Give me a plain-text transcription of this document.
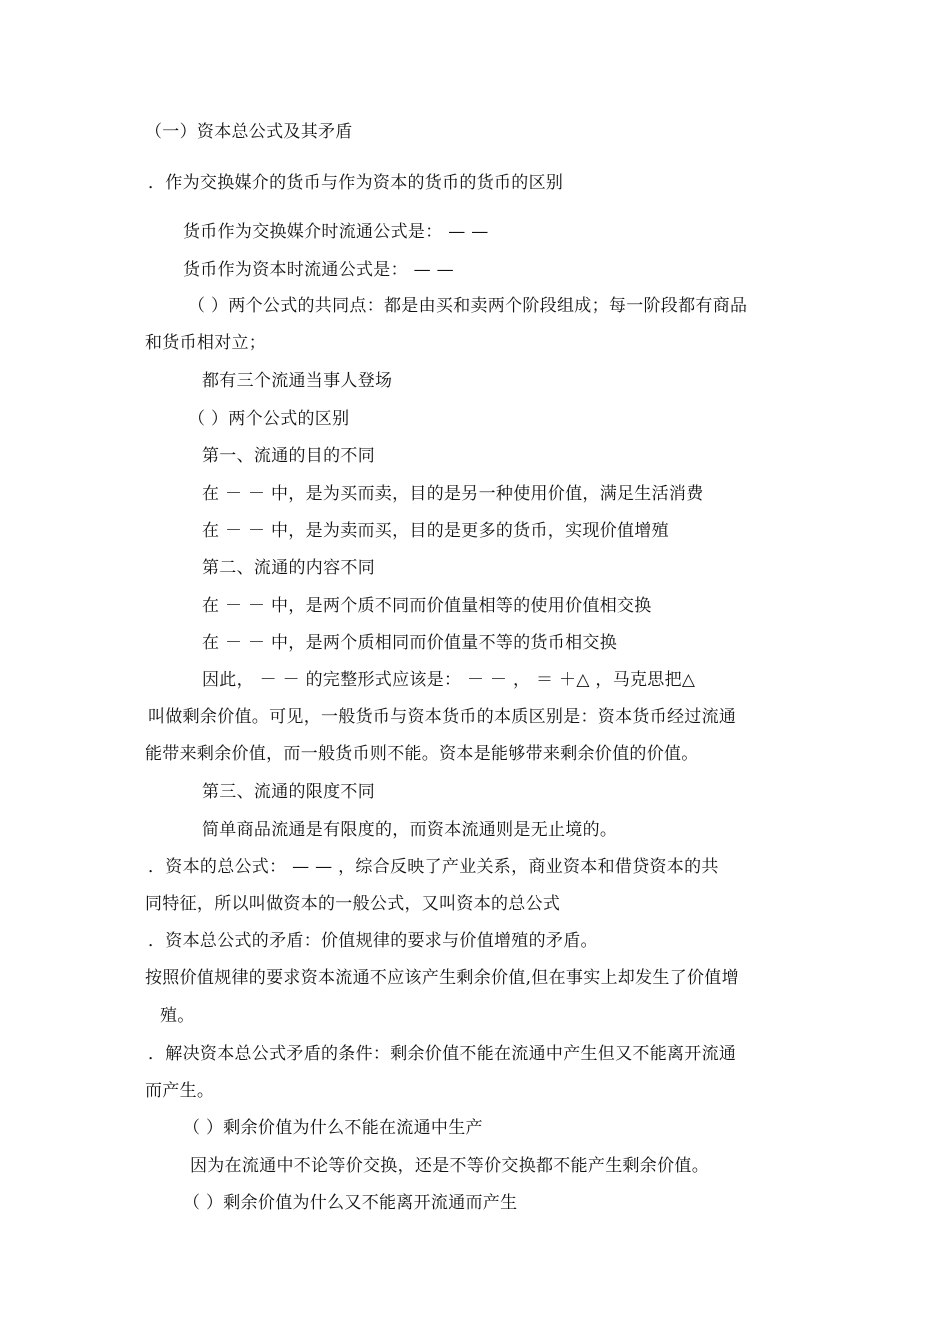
（一）资本总公式及其矛盾
．作为交换媒介的货币与作为资本的货币的货币的区别
货币作为交换媒介时流通公式是： — —
货币作为资本时流通公式是： — —
（ ）两个公式的共同点：都是由买和卖两个阶段组成；每一阶段都有商品
和货币相对立；
都有三个流通当事人登场
（ ）两个公式的区别
第一、流通的目的不同
在 － － 中，是为买而卖，目的是另一种使用价值，满足生活消费
在 － － 中，是为卖而买，目的是更多的货币，实现价值增殖
第二、流通的内容不同
在 － － 中，是两个质不同而价值量相等的使用价值相交换
在 － － 中，是两个质相同而价值量不等的货币相交换
因此， － － 的完整形式应该是： － － ， ＝ ＋△ ，马克思把△
叫做剩余价值。可见，一般货币与资本货币的本质区别是：资本货币经过流通
能带来剩余价值，而一般货币则不能。资本是能够带来剩余价值的价值。
第三、流通的限度不同
简单商品流通是有限度的，而资本流通则是无止境的。
．资本的总公式： — — ，综合反映了产业关系，商业资本和借贷资本的共
同特征，所以叫做资本的一般公式，又叫资本的总公式
．资本总公式的矛盾：价值规律的要求与价值增殖的矛盾。
按照价值规律的要求资本流通不应该产生剩余价值,但在事实上却发生了价值增
殖。
．解决资本总公式矛盾的条件：剩余价值不能在流通中产生但又不能离开流通
而产生。
（ ）剩余价值为什么不能在流通中生产
因为在流通中不论等价交换，还是不等价交换都不能产生剩余价值。
（ ）剩余价值为什么又不能离开流通而产生
